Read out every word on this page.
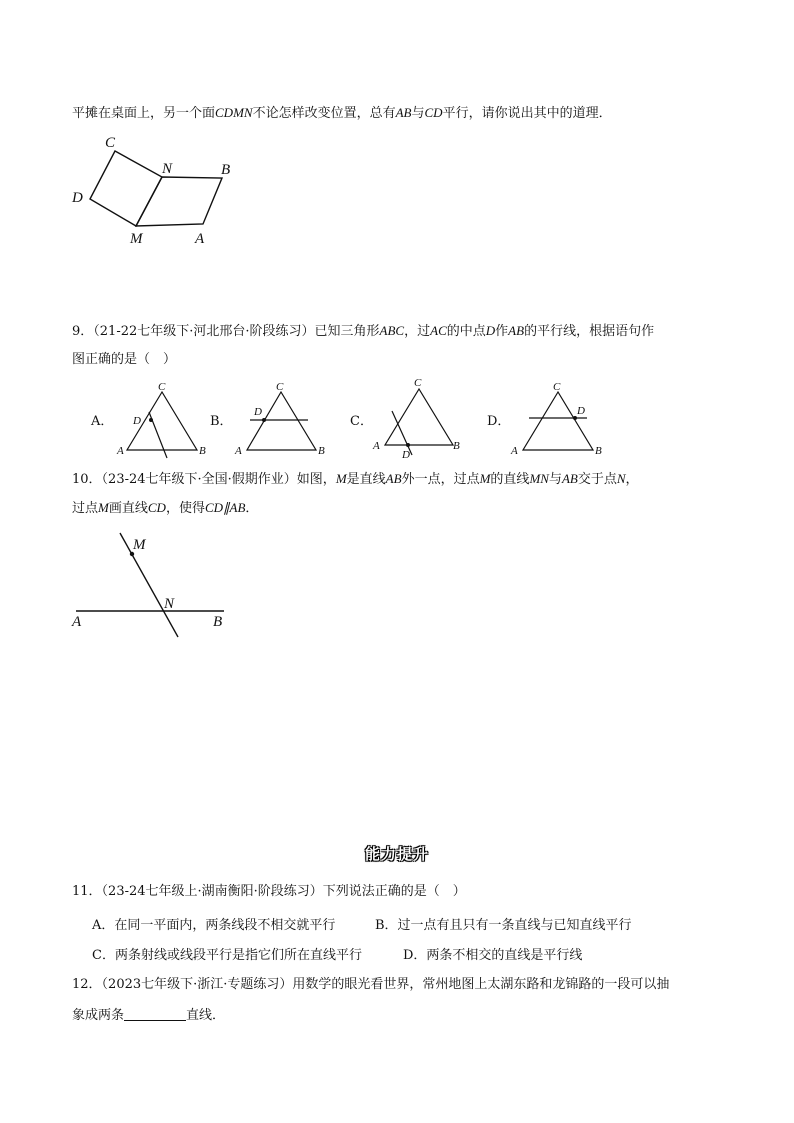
平摊在桌面上，另一个面CDMN不论怎样改变位置，总有AB与CD平行，请你说出其中的道理．
C
N	B
D
M	A
9．（21-22七年级下·河北邢台·阶段练习）已知三角形ABC，过AC的中点D作AB的平行线，根据语句作
图正确的是（　）
A．
C
D
A	B
B．
C
D
A	B
C．
C
A
D
B
D．
C
D
A	B
10．（23-24七年级下·全国·假期作业）如图，M是直线AB外一点，过点M的直线MN与AB交于点N，
过点M画直线CD，使得CD∥AB．
M
N
A	B
能力提升
11．（23-24七年级上·湖南衡阳·阶段练习）下列说法正确的是（　）
A．在同一平面内，两条线段不相交就平行	B．过一点有且只有一条直线与已知直线平行
C．两条射线或线段平行是指它们所在直线平行	D．两条不相交的直线是平行线
12．（2023七年级下·浙江·专题练习）用数学的眼光看世界，常州地图上太湖东路和龙锦路的一段可以抽
象成两条	直线．
